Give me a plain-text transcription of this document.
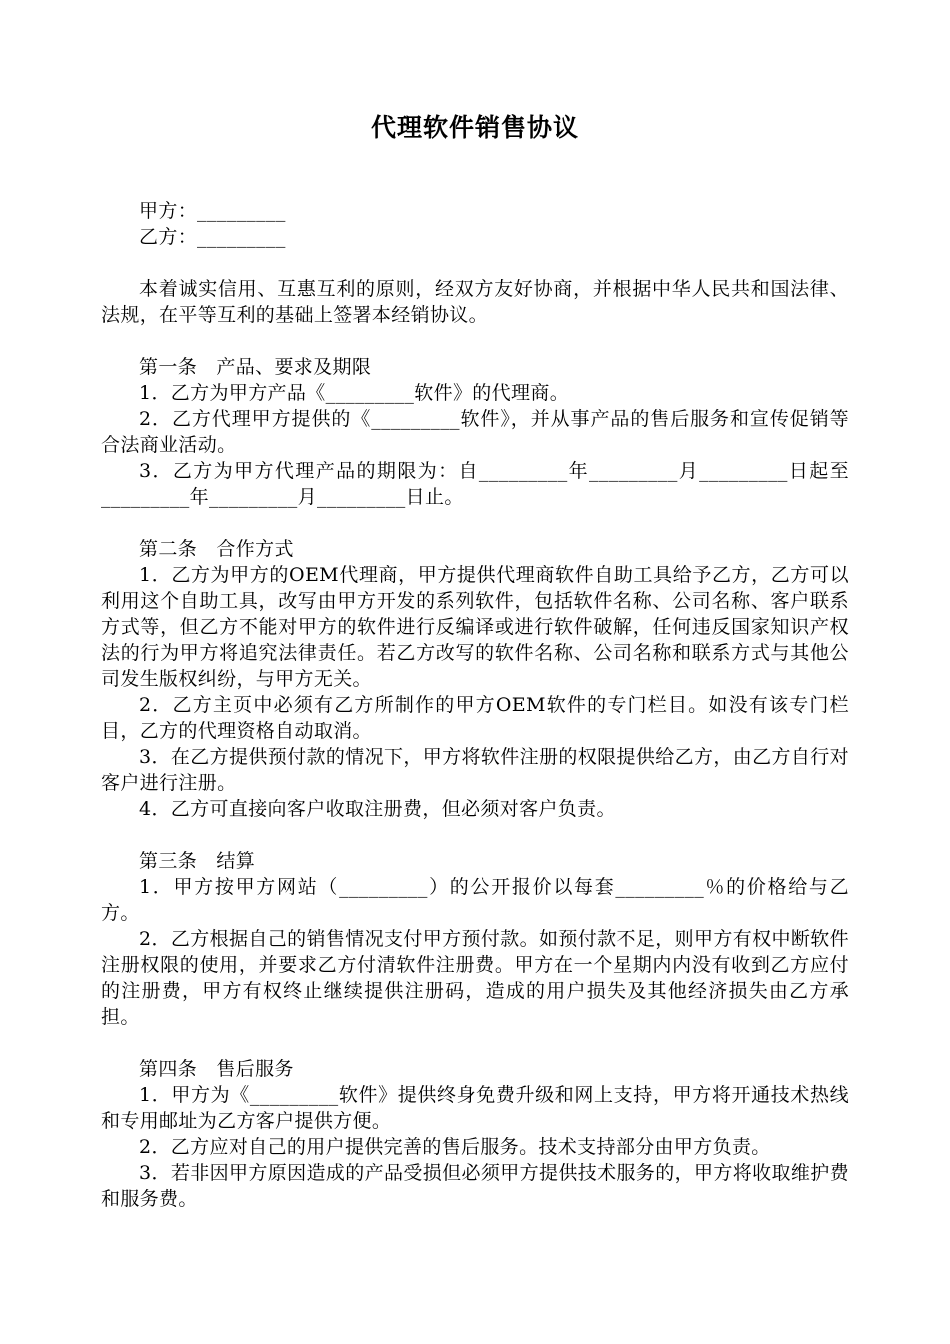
代理软件销售协议

甲方：_________

乙方：_________

本着诚实信用、互惠互利的原则，经双方友好协商，并根据中华人民共和国法律、法规，在平等互利的基础上签署本经销协议。

第一条　产品、要求及期限

1．乙方为甲方产品《_________软件》的代理商。

2．乙方代理甲方提供的《_________软件》，并从事产品的售后服务和宣传促销等合法商业活动。

3．乙方为甲方代理产品的期限为：自_________年_________月_________日起至_________年_________月_________日止。

第二条　合作方式

1．乙方为甲方的OEM代理商，甲方提供代理商软件自助工具给予乙方，乙方可以利用这个自助工具，改写由甲方开发的系列软件，包括软件名称、公司名称、客户联系方式等，但乙方不能对甲方的软件进行反编译或进行软件破解，任何违反国家知识产权法的行为甲方将追究法律责任。若乙方改写的软件名称、公司名称和联系方式与其他公司发生版权纠纷，与甲方无关。

2．乙方主页中必须有乙方所制作的甲方OEM软件的专门栏目。如没有该专门栏目，乙方的代理资格自动取消。

3．在乙方提供预付款的情况下，甲方将软件注册的权限提供给乙方，由乙方自行对客户进行注册。

4．乙方可直接向客户收取注册费，但必须对客户负责。

第三条　结算

1．甲方按甲方网站（_________）的公开报价以每套_________％的价格给与乙方。

2．乙方根据自己的销售情况支付甲方预付款。如预付款不足，则甲方有权中断软件注册权限的使用，并要求乙方付清软件注册费。甲方在一个星期内内没有收到乙方应付的注册费，甲方有权终止继续提供注册码，造成的用户损失及其他经济损失由乙方承担。

第四条　售后服务

1．甲方为《_________软件》提供终身免费升级和网上支持，甲方将开通技术热线和专用邮址为乙方客户提供方便。

2．乙方应对自己的用户提供完善的售后服务。技术支持部分由甲方负责。

3．若非因甲方原因造成的产品受损但必须甲方提供技术服务的，甲方将收取维护费和服务费。
